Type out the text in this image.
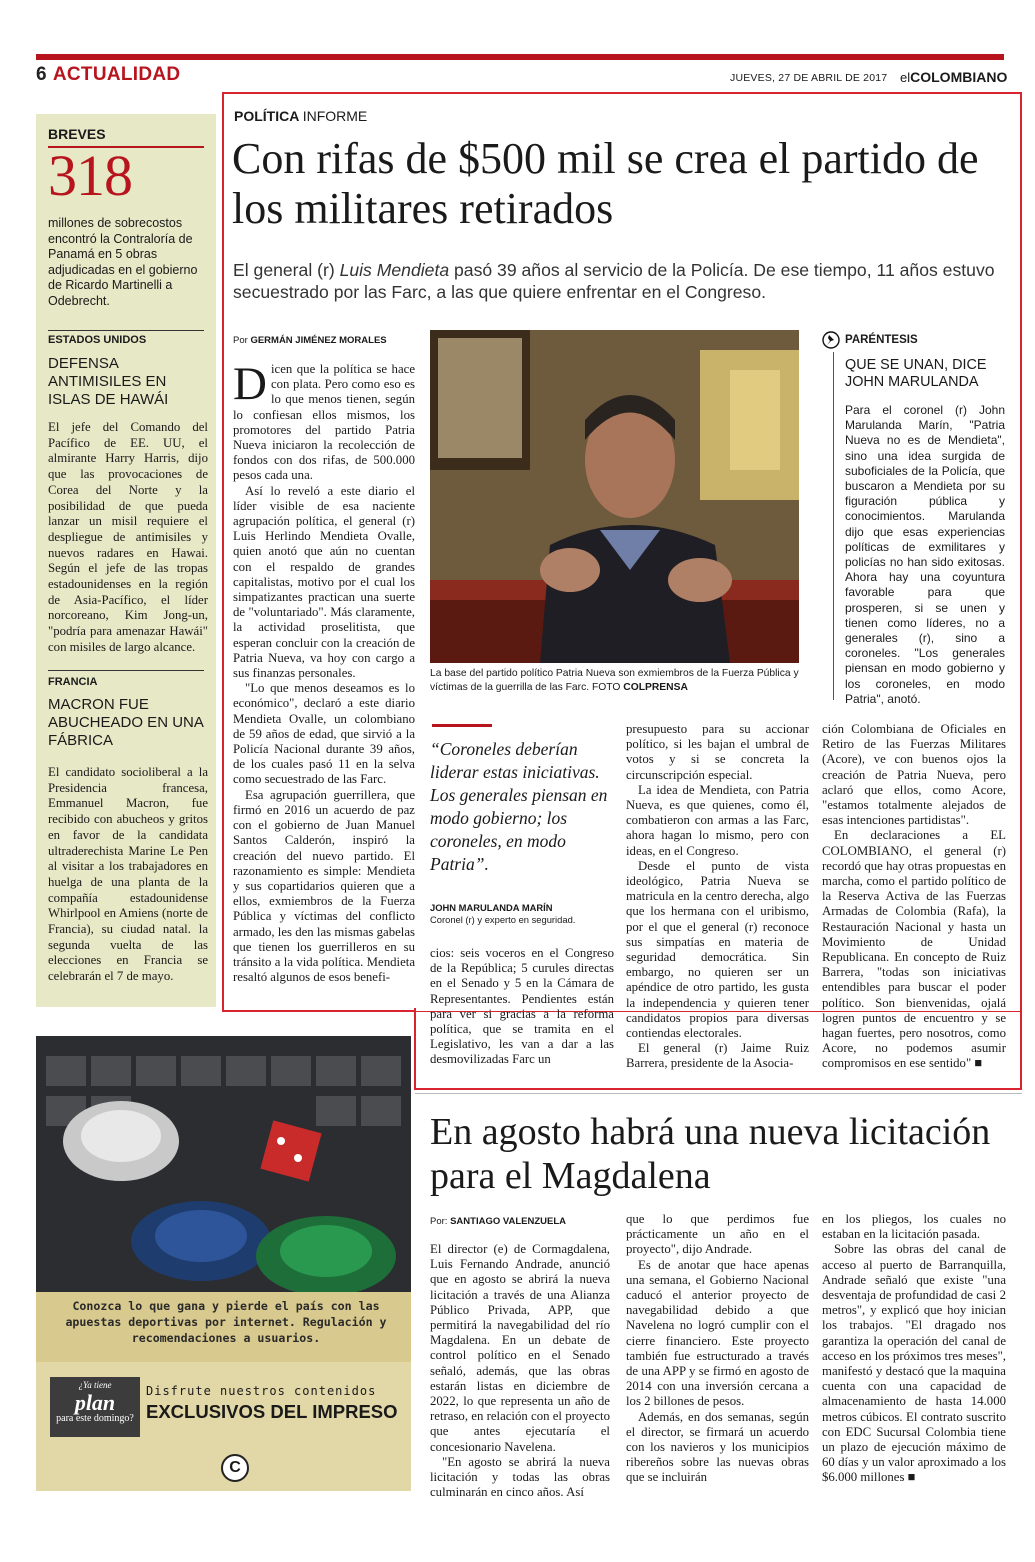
6 ACTUALIDAD	JUEVES, 27 DE ABRIL DE 2017 elCOLOMBIANO
BREVES
318
millones de sobrecostos encontró la Contraloría de Panamá en 5 obras adjudicadas en el gobierno de Ricardo Martinelli a Odebrecht.
ESTADOS UNIDOS
DEFENSA ANTIMISILES EN ISLAS DE HAWÁI
El jefe del Comando del Pacífico de EE. UU, el almirante Harry Harris, dijo que las provocaciones de Corea del Norte y la posibilidad de que pueda lanzar un misil requiere el despliegue de antimisiles y nuevos radares en Hawai. Según el jefe de las tropas estadounidenses en la región de Asia-Pacífico, el líder norcoreano, Kim Jong-un, "podría para amenazar Hawái" con misiles de largo alcance.
FRANCIA
MACRON FUE ABUCHEADO EN UNA FÁBRICA
El candidato socioliberal a la Presidencia francesa, Emmanuel Macron, fue recibido con abucheos y gritos en favor de la candidata ultraderechista Marine Le Pen al visitar a los trabajadores en huelga de una planta de la compañía estadounidense Whirlpool en Amiens (norte de Francia), su ciudad natal. la segunda vuelta de las elecciones en Francia se celebrarán el 7 de mayo.
POLÍTICA INFORME
Con rifas de $500 mil se crea el partido de los militares retirados
El general (r) Luis Mendieta pasó 39 años al servicio de la Policía. De ese tiempo, 11 años estuvo secuestrado por las Farc, a las que quiere enfrentar en el Congreso.
Por GERMÁN JIMÉNEZ MORALES

Dicen que la política se hace con plata. Pero como eso es lo que menos tienen, según lo confiesan ellos mismos, los promotores del partido Patria Nueva iniciaron la recolección de fondos con dos rifas, de 500.000 pesos cada una.

Así lo reveló a este diario el líder visible de esa naciente agrupación política, el general (r) Luis Herlindo Mendieta Ovalle, quien anotó que aún no cuentan con el respaldo de grandes capitalistas, motivo por el cual los simpatizantes practican una suerte de "voluntariado". Más claramente, la actividad proselitista, que esperan concluir con la creación de Patria Nueva, va hoy con cargo a sus finanzas personales.

"Lo que menos deseamos es lo económico", declaró a este diario Mendieta Ovalle, un colombiano de 59 años de edad, que sirvió a la Policía Nacional durante 39 años, de los cuales pasó 11 en la selva como secuestrado de las Farc.

Esa agrupación guerrillera, que firmó en 2016 un acuerdo de paz con el gobierno de Juan Manuel Santos Calderón, inspiró la creación del nuevo partido. El razonamiento es simple: Mendieta y sus copartidarios quieren que a ellos, exmiembros de la Fuerza Pública y víctimas del conflicto armado, les den las mismas gabelas que tienen los guerrilleros en su tránsito a la vida política. Mendieta resaltó algunos de esos benefi-

La base del partido político Patria Nueva son exmiembros de la Fuerza Pública y víctimas de la guerrilla de las Farc. FOTO COLPRENSA
“Coroneles deberían liderar estas iniciativas. Los generales piensan en modo gobierno; los coroneles, en modo Patria”.
JOHN MARULANDA MARÍN
Coronel (r) y experto en seguridad.

cios: seis voceros en el Congreso de la República; 5 curules directas en el Senado y 5 en la Cámara de Representantes. Pendientes están para ver si gracias a la reforma política, que se tramita en el Legislativo, les van a dar a las desmovilizadas Farc un

presupuesto para su accionar político, si les bajan el umbral de votos y si se concreta la circunscripción especial.

La idea de Mendieta, con Patria Nueva, es que quienes, como él, combatieron con armas a las Farc, ahora hagan lo mismo, pero con ideas, en el Congreso.

Desde el punto de vista ideológico, Patria Nueva se matricula en la centro derecha, algo que los hermana con el uribismo, por el que el general (r) reconoce sus simpatías en materia de seguridad democrática. Sin embargo, no quieren ser un apéndice de otro partido, les gusta la independencia y quieren tener candidatos propios para diversas contiendas electorales.

El general (r) Jaime Ruiz Barrera, presidente de la Asocia-

ción Colombiana de Oficiales en Retiro de las Fuerzas Militares (Acore), ve con buenos ojos la creación de Patria Nueva, pero aclaró que ellos, como Acore, "estamos totalmente alejados de esas intenciones partidistas".

En declaraciones a EL COLOMBIANO, el general (r) recordó que hay otras propuestas en marcha, como el partido político de la Reserva Activa de las Fuerzas Armadas de Colombia (Rafa), la Restauración Nacional y hasta un Movimiento de Unidad Republicana. En concepto de Ruiz Barrera, "todas son iniciativas entendibles para buscar el poder político. Son bienvenidas, ojalá logren puntos de encuentro y se hagan fuertes, pero nosotros, como Acore, no podemos asumir compromisos en ese sentido" ■

PARÉNTESIS
QUE SE UNAN, DICE JOHN MARULANDA
Para el coronel (r) John Marulanda Marín, "Patria Nueva no es de Mendieta", sino una idea surgida de suboficiales de la Policía, que buscaron a Mendieta por su figuración pública y conocimientos. Marulanda dijo que esas experiencias políticas de exmilitares y policías no han sido exitosas. Ahora hay una coyuntura favorable para que prosperen, si se unen y tienen como líderes, no a generales (r), sino a coroneles. "Los generales piensan en modo gobierno y los coroneles, en modo Patria", anotó.
Conozca lo que gana y pierde el país con las apuestas deportivas por internet. Regulación y recomendaciones a usuarios.
¿Ya tiene
plan
para este domingo?
Disfrute nuestros contenidos
EXCLUSIVOS DEL IMPRESO
C
En agosto habrá una nueva licitación para el Magdalena
Por: SANTIAGO VALENZUELA

El director (e) de Cormagdalena, Luis Fernando Andrade, anunció que en agosto se abrirá la nueva licitación a través de una Alianza Público Privada, APP, que permitirá la navegabilidad del río Magdalena. En un debate de control político en el Senado señaló, además, que las obras estarán listas en diciembre de 2022, lo que representa un año de retraso, en relación con el proyecto que antes ejecutaría el concesionario Navelena.

"En agosto se abrirá la nueva licitación y todas las obras culminarán en cinco años. Así

que lo que perdimos fue prácticamente un año en el proyecto", dijo Andrade.

Es de anotar que hace apenas una semana, el Gobierno Nacional caducó el anterior proyecto de navegabilidad debido a que Navelena no logró cumplir con el cierre financiero. Este proyecto también fue estructurado a través de una APP y se firmó en agosto de 2014 con una inversión cercana a los 2 billones de pesos.

Además, en dos semanas, según el director, se firmará un acuerdo con los navieros y los municipios ribereños sobre las nuevas obras que se incluirán

en los pliegos, los cuales no estaban en la licitación pasada.

Sobre las obras del canal de acceso al puerto de Barranquilla, Andrade señaló que existe "una desventaja de profundidad de casi 2 metros", y explicó que hoy inician los trabajos. "El dragado nos garantiza la operación del canal de acceso en los próximos tres meses", manifestó y destacó que la maquina cuenta con una capacidad de almacenamiento de hasta 14.000 metros cúbicos. El contrato suscrito con EDC Sucursal Colombia tiene un plazo de ejecución máximo de 60 días y un valor aproximado a los $6.000 millones ■
